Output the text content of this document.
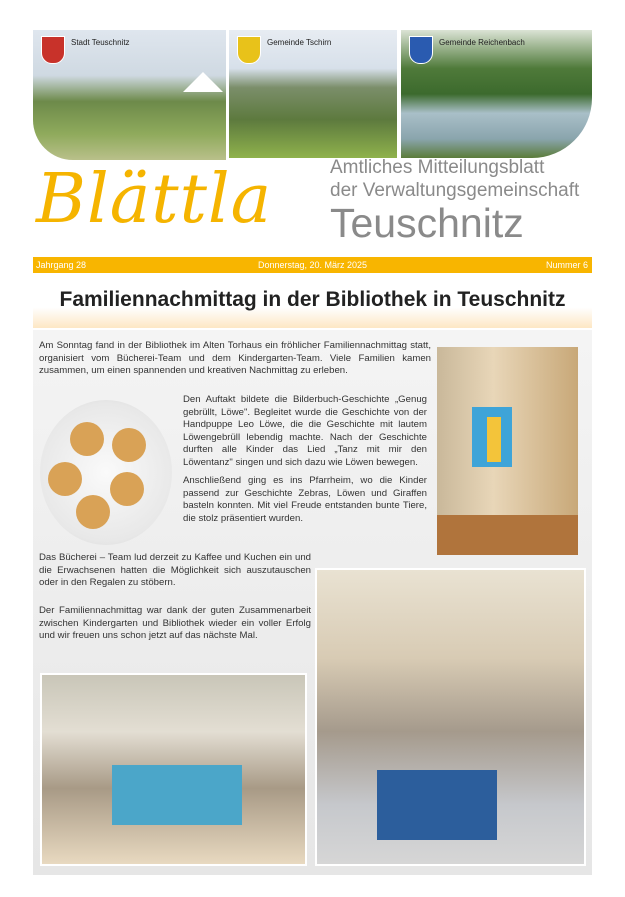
Stadt Teuschnitz	Gemeinde Tschirn	Gemeinde Reichenbach
Blättla	Amtliches Mitteilungsblatt
der Verwaltungsgemeinschaft
Teuschnitz
Jahrgang 28	Donnerstag, 20. März 2025	Nummer 6
Familiennachmittag in der Bibliothek in Teuschnitz

Am Sonntag fand in der Bibliothek im Alten Torhaus ein fröhlicher Familiennachmittag statt, organisiert vom Bücherei-Team und dem Kindergarten-Team. Viele Familien kamen zusammen, um einen spannenden und kreativen Nachmittag zu erleben.

Den Auftakt bildete die Bilderbuch-Geschichte „Genug gebrüllt, Löwe". Begleitet wurde die Geschichte von der Handpuppe Leo Löwe, die die Geschichte mit lautem Löwengebrüll lebendig machte. Nach der Geschichte durften alle Kinder das Lied „Tanz mit mir den Löwentanz" singen und sich dazu wie Löwen bewegen.

Anschließend ging es ins Pfarrheim, wo die Kinder passend zur Geschichte Zebras, Löwen und Giraffen basteln konnten. Mit viel Freude entstanden bunte Tiere, die stolz präsentiert wurden.

Das Bücherei – Team lud derzeit zu Kaffee und Kuchen ein und die Erwachsenen hatten die Möglichkeit sich auszutauschen oder in den Regalen zu stöbern.

Der Familiennachmittag war dank der guten Zusammenarbeit zwischen Kindergarten und Bibliothek wieder ein voller Erfolg und wir freuen uns schon jetzt auf das nächste Mal.
